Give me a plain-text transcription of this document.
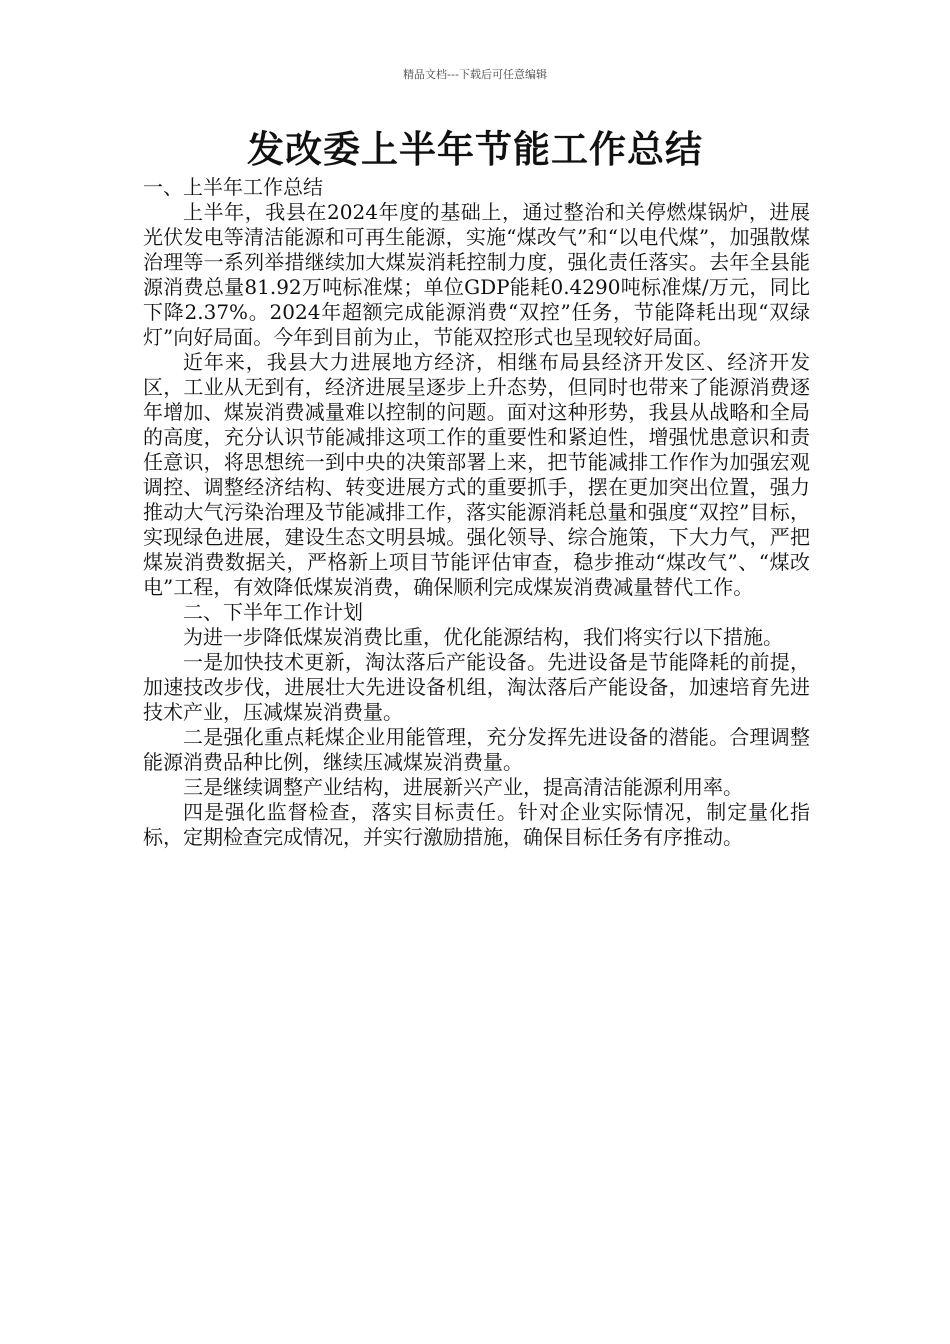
精品文档---下载后可任意编辑
发改委上半年节能工作总结

一、上半年工作总结

上半年，我县在2024年度的基础上，通过整治和关停燃煤锅炉，进展光伏发电等清洁能源和可再生能源，实施“煤改气”和“以电代煤”，加强散煤治理等一系列举措继续加大煤炭消耗控制力度，强化责任落实。去年全县能源消费总量81.92万吨标准煤；单位GDP能耗0.4290吨标准煤/万元，同比下降2.37%。2024年超额完成能源消费“双控”任务，节能降耗出现“双绿灯”向好局面。今年到目前为止，节能双控形式也呈现较好局面。

近年来，我县大力进展地方经济，相继布局县经济开发区、经济开发区，工业从无到有，经济进展呈逐步上升态势，但同时也带来了能源消费逐年增加、煤炭消费减量难以控制的问题。面对这种形势，我县从战略和全局的高度，充分认识节能减排这项工作的重要性和紧迫性，增强忧患意识和责任意识，将思想统一到中央的决策部署上来，把节能减排工作作为加强宏观调控、调整经济结构、转变进展方式的重要抓手，摆在更加突出位置，强力推动大气污染治理及节能减排工作，落实能源消耗总量和强度“双控”目标，实现绿色进展，建设生态文明县城。强化领导、综合施策，下大力气，严把煤炭消费数据关，严格新上项目节能评估审查，稳步推动“煤改气”、“煤改电”工程，有效降低煤炭消费，确保顺利完成煤炭消费减量替代工作。

二、下半年工作计划

为进一步降低煤炭消费比重，优化能源结构，我们将实行以下措施。

一是加快技术更新，淘汰落后产能设备。先进设备是节能降耗的前提，加速技改步伐，进展壮大先进设备机组，淘汰落后产能设备，加速培育先进技术产业，压减煤炭消费量。

二是强化重点耗煤企业用能管理，充分发挥先进设备的潜能。合理调整能源消费品种比例，继续压减煤炭消费量。

三是继续调整产业结构，进展新兴产业，提高清洁能源利用率。

四是强化监督检查，落实目标责任。针对企业实际情况，制定量化指标，定期检查完成情况，并实行激励措施，确保目标任务有序推动。
